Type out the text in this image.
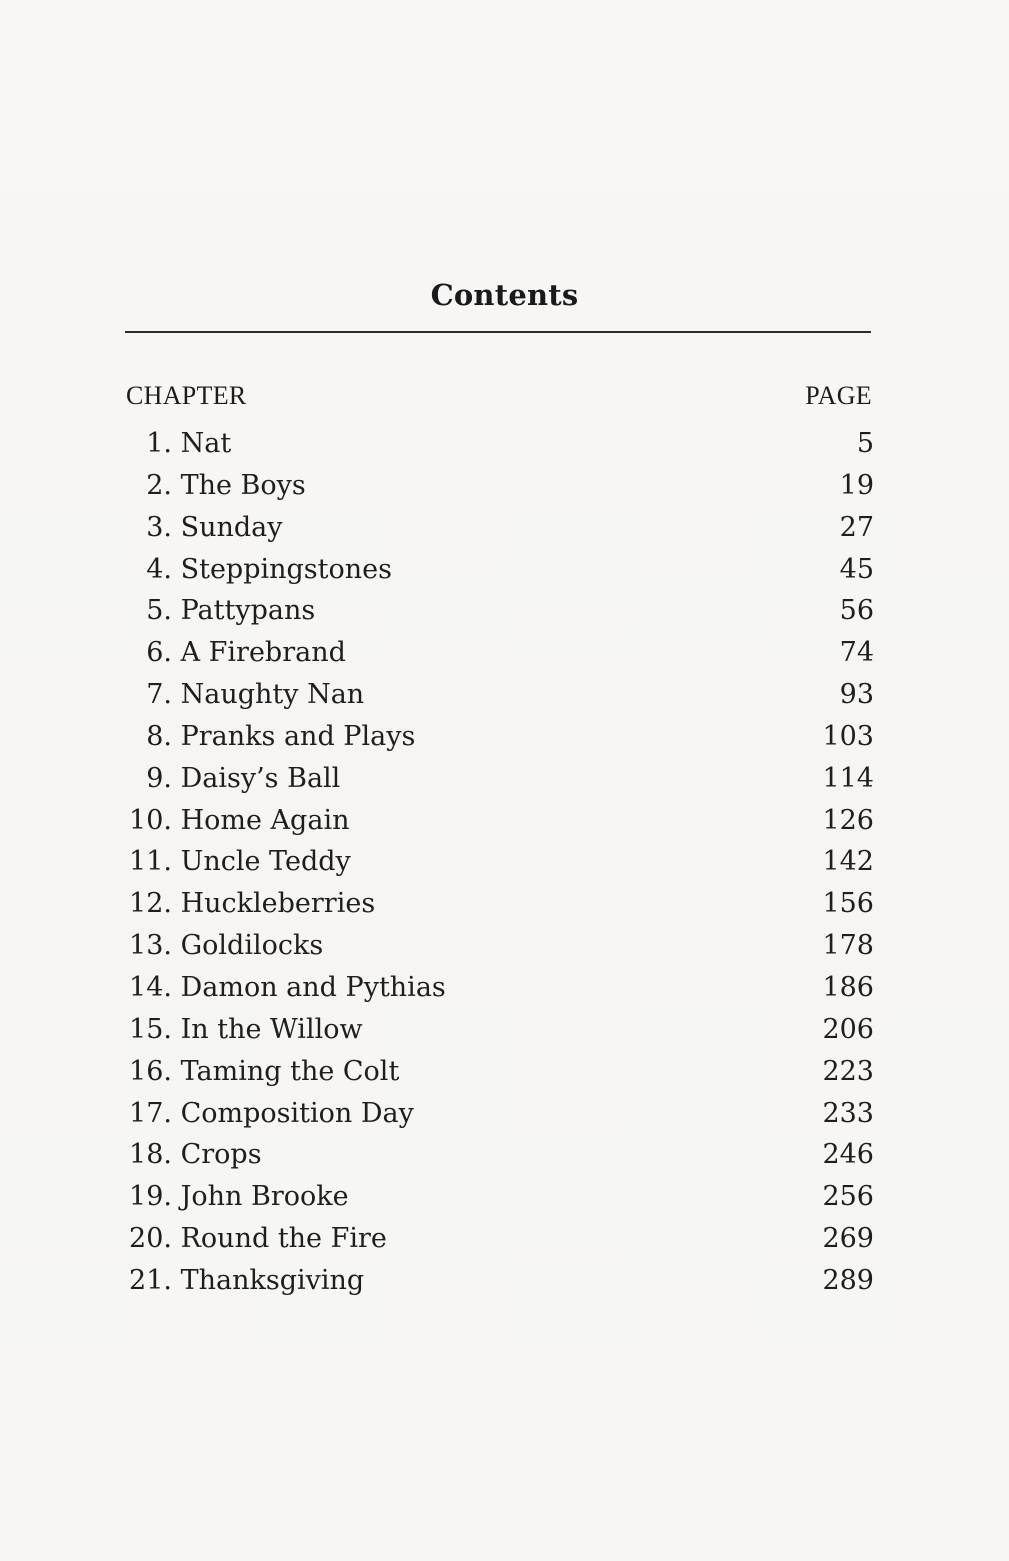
Contents
CHAPTER	PAGE
1. Nat	5
2. The Boys	19
3. Sunday	27
4. Steppingstones	45
5. Pattypans	56
6. A Firebrand	74
7. Naughty Nan	93
8. Pranks and Plays	103
9. Daisy’s Ball	114
10. Home Again	126
11. Uncle Teddy	142
12. Huckleberries	156
13. Goldilocks	178
14. Damon and Pythias	186
15. In the Willow	206
16. Taming the Colt	223
17. Composition Day	233
18. Crops	246
19. John Brooke	256
20. Round the Fire	269
21. Thanksgiving	289
